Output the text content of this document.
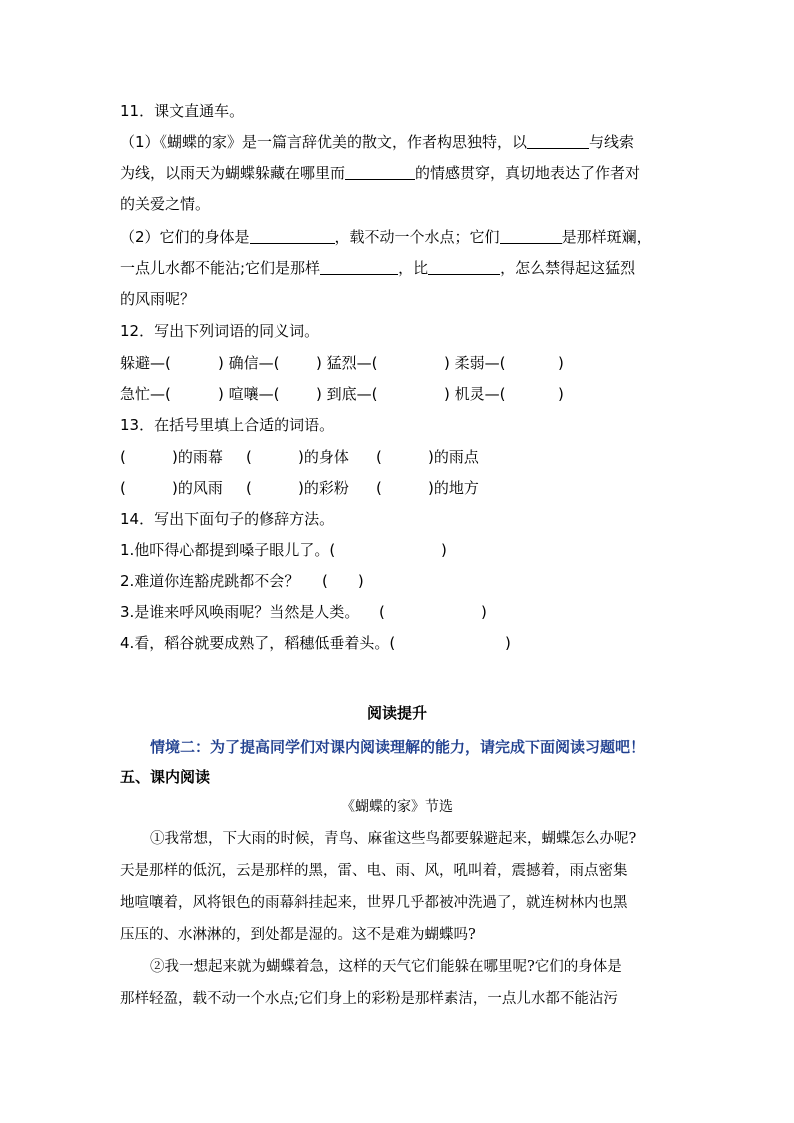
11．课文直通车。
（1）《蝴蝶的家》是一篇言辞优美的散文，作者构思独特，以	与线索
为线，以雨天为蝴蝶躲藏在哪里而	的情感贯穿，真切地表达了作者对
的关爱之情。
（2）它们的身体是	，载不动一个水点；它们	是那样斑斓，
一点儿水都不能沾;它们是那样	，比	，怎么禁得起这猛烈
的风雨呢？
12．写出下列词语的同义词。
躲避—(	) 确信—( ) 猛烈—(	) 柔弱—(	)
急忙—(	) 喧嚷—( ) 到底—(	) 机灵—(	)
13．在括号里填上合适的词语。
(	)的雨幕 (	)的身体 (	)的雨点
(	)的风雨 (	)的彩粉 (	)的地方
14．写出下面句子的修辞方法。
1.他吓得心都提到嗓子眼儿了。(	)
2.难道你连豁虎跳都不会？ (　　)
3.是谁来呼风唤雨呢？当然是人类。 (	)
4.看，稻谷就要成熟了，稻穗低垂着头。(	)
阅读提升
情境二：为了提高同学们对课内阅读理解的能力，请完成下面阅读习题吧！
五、课内阅读
《蝴蝶的家》节选
①我常想，下大雨的时候，青鸟、麻雀这些鸟都要躲避起来，蝴蝶怎么办呢?
天是那样的低沉，云是那样的黑，雷、电、雨、风，吼叫着，震撼着，雨点密集
地喧嚷着，风将银色的雨幕斜挂起来，世界几乎都被冲洗過了，就连树林内也黑
压压的、水淋淋的，到处都是湿的。这不是难为蝴蝶吗?
②我一想起来就为蝴蝶着急，这样的天气它们能躲在哪里呢?它们的身体是
那样轻盈，载不动一个水点;它们身上的彩粉是那样素洁，一点儿水都不能沾污
